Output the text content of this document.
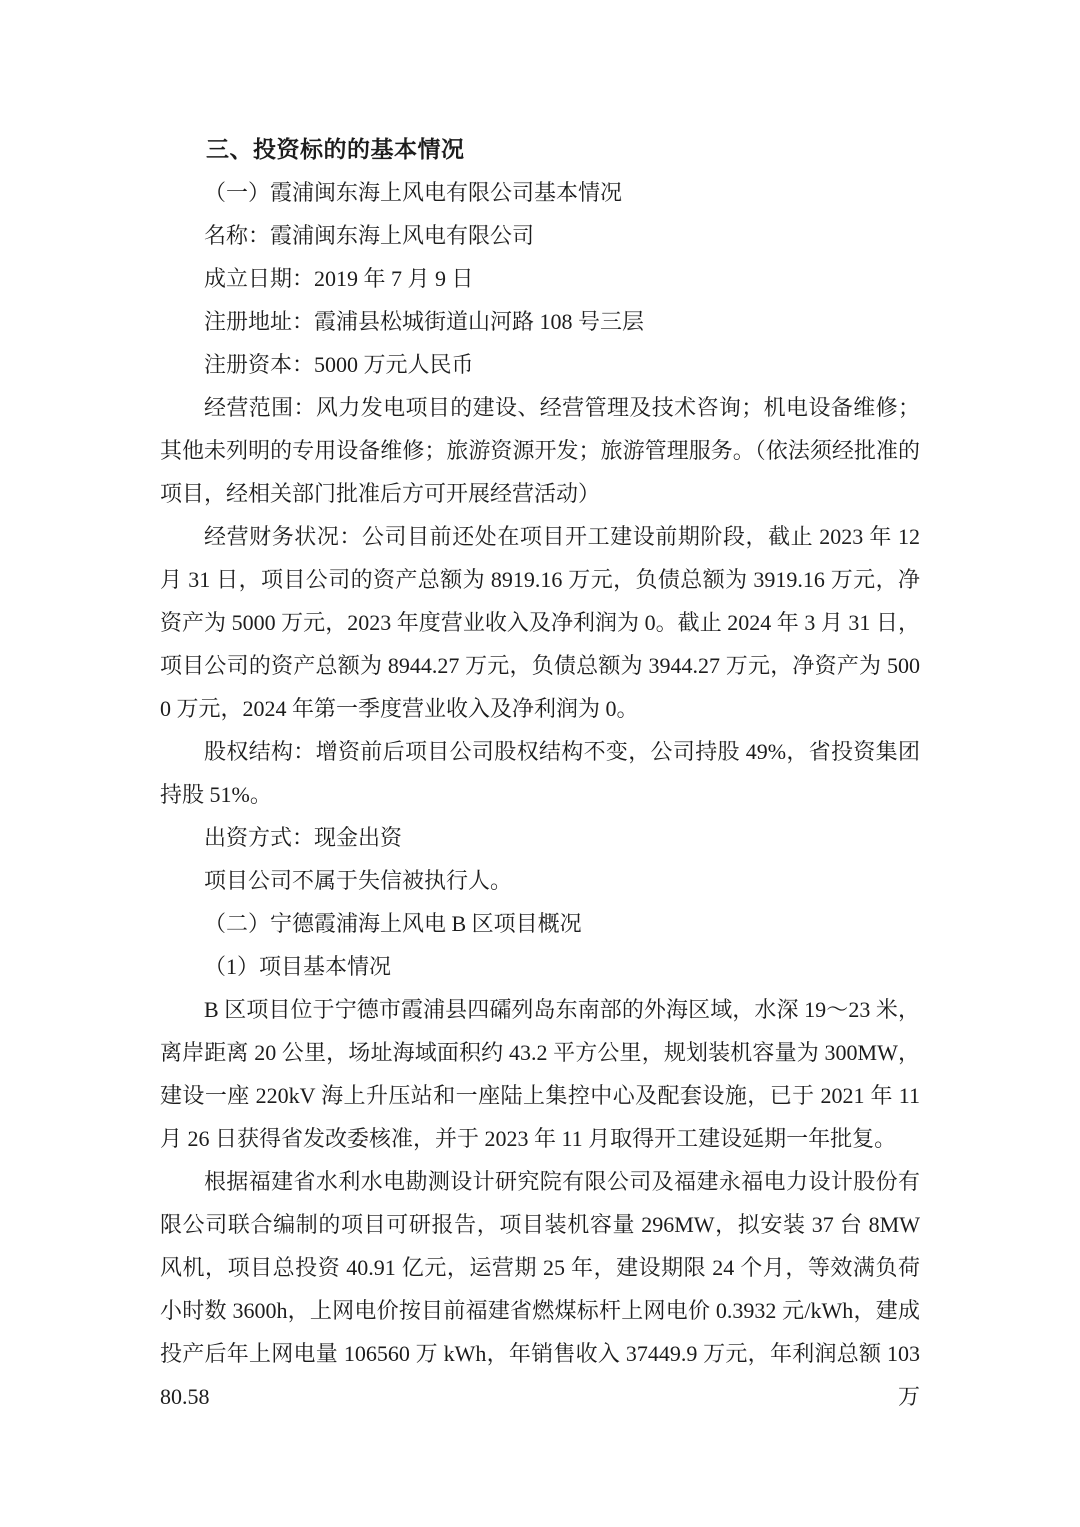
三、投资标的的基本情况

（一）霞浦闽东海上风电有限公司基本情况

名称：霞浦闽东海上风电有限公司

成立日期：2019 年 7 月 9 日

注册地址：霞浦县松城街道山河路 108 号三层

注册资本：5000 万元人民币

经营范围：风力发电项目的建设、经营管理及技术咨询；机电设备维修；其他未列明的专用设备维修；旅游资源开发；旅游管理服务。（依法须经批准的项目，经相关部门批准后方可开展经营活动）

经营财务状况：公司目前还处在项目开工建设前期阶段，截止 2023 年 12 月 31 日，项目公司的资产总额为 8919.16 万元，负债总额为 3919.16 万元，净资产为 5000 万元，2023 年度营业收入及净利润为 0。截止 2024 年 3 月 31 日，项目公司的资产总额为 8944.27 万元，负债总额为 3944.27 万元，净资产为 5000 万元，2024 年第一季度营业收入及净利润为 0。

股权结构：增资前后项目公司股权结构不变，公司持股 49%，省投资集团持股 51%。

出资方式：现金出资

项目公司不属于失信被执行人。

（二）宁德霞浦海上风电 B 区项目概况

（1）项目基本情况

B 区项目位于宁德市霞浦县四礵列岛东南部的外海区域，水深 19～23 米，离岸距离 20 公里，场址海域面积约 43.2 平方公里，规划装机容量为 300MW，建设一座 220kV 海上升压站和一座陆上集控中心及配套设施，已于 2021 年 11 月 26 日获得省发改委核准，并于 2023 年 11 月取得开工建设延期一年批复。

根据福建省水利水电勘测设计研究院有限公司及福建永福电力设计股份有限公司联合编制的项目可研报告，项目装机容量 296MW，拟安装 37 台 8MW 风机，项目总投资 40.91 亿元，运营期 25 年，建设期限 24 个月，等效满负荷小时数 3600h，上网电价按目前福建省燃煤标杆上网电价 0.3932 元/kWh，建成投产后年上网电量 106560 万 kWh，年销售收入 37449.9 万元，年利润总额 10380.58 万
